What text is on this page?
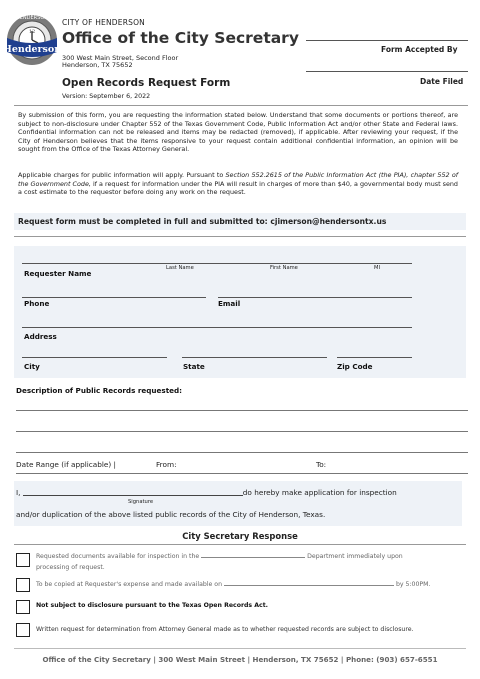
12
Henderson
HENDERSON CITY OF HENDERSON
Office of the City Secretary
300 West Main Street, Second Floor
Henderson, TX 75652
Open Records Request Form
Version: September 6, 2022
Form Accepted By
Date Filed
By submission of this form, you are requesting the information stated below. Understand that some documents or portions thereof, are subject to non-disclosure under Chapter 552 of the Texas Government Code, Public Information Act and/or other State and Federal laws. Confidential information can not be released and items may be redacted (removed), if applicable. After reviewing your request, if the City of Henderson believes that the items responsive to your request contain additional confidential information, an opinion will be sought from the Office of the Texas Attorney General.
Applicable charges for public information will apply. Pursuant to Section 552.2615 of the Public Information Act (the PIA), chapter 552 of the Government Code, if a request for information under the PIA will result in charges of more than $40, a governmental body must send a cost estimate to the requestor before doing any work on the request.
Request form must be completed in full and submitted to: cjimerson@hendersontx.us
Last Name	First Name	MI
Requester Name
Phone	Email
Address
City	State	Zip Code
Description of Public Records requested:
Date Range (if applicable) |	From:	To:
I,	do hereby make application for inspection
Signature
and/or duplication of the above listed public records of the City of Henderson, Texas.
City Secretary Response
Requested documents available for inspection in the	Department immediately upon
processing of request.
To be copied at Requester's expense and made available on	by 5:00PM.
Not subject to disclosure pursuant to the Texas Open Records Act.
Written request for determination from Attorney General made as to whether requested records are subject to disclosure.
Office of the City Secretary | 300 West Main Street | Henderson, TX 75652 | Phone: (903) 657-6551
